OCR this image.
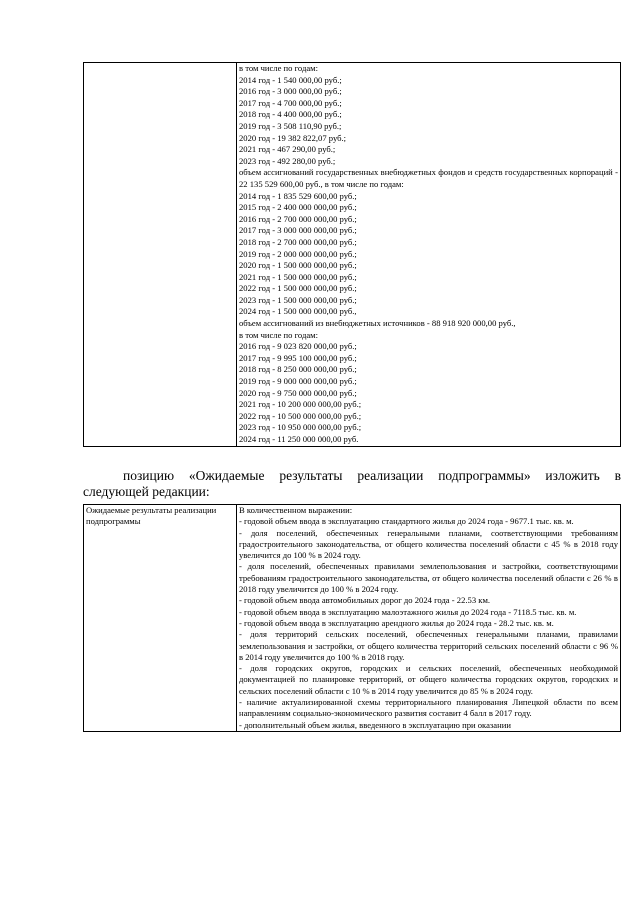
в том числе по годам:
2014 год - 1 540 000,00 руб.;
2016 год - 3 000 000,00 руб.;
2017 год - 4 700 000,00 руб.;
2018 год - 4 400 000,00 руб.;
2019 год - 3 508 110,90 руб.;
2020 год - 19 382 822,07 руб.;
2021 год - 467 290,00 руб.;
2023 год - 492 280,00 руб.;
объем ассигнований государственных внебюджетных фондов и средств государственных корпораций - 22 135 529 600,00 руб., в том числе по годам:
2014 год - 1 835 529 600,00 руб.;
2015 год - 2 400 000 000,00 руб.;
2016 год - 2 700 000 000,00 руб.;
2017 год - 3 000 000 000,00 руб.;
2018 год - 2 700 000 000,00 руб.;
2019 год - 2 000 000 000,00 руб.;
2020 год - 1 500 000 000,00 руб.;
2021 год - 1 500 000 000,00 руб.;
2022 год - 1 500 000 000,00 руб.;
2023 год - 1 500 000 000,00 руб.;
2024 год - 1 500 000 000,00 руб.,
объем ассигнований из внебюджетных источников - 88 918 920 000,00 руб.,
в том числе по годам:
2016 год - 9 023 820 000,00 руб.;
2017 год - 9 995 100 000,00 руб.;
2018 год - 8 250 000 000,00 руб.;
2019 год - 9 000 000 000,00 руб.;
2020 год - 9 750 000 000,00 руб.;
2021 год - 10 200 000 000,00 руб.;
2022 год - 10 500 000 000,00 руб.;
2023 год - 10 950 000 000,00 руб.;
2024 год - 11 250 000 000,00 руб.
позицию «Ожидаемые результаты реализации подпрограммы» изложить в следующей редакции:
Ожидаемые результаты реализации подпрограммы	
В количественном выражении:
- годовой объем ввода в эксплуатацию стандартного жилья до 2024 года - 9677.1 тыс. кв. м.
- доля поселений, обеспеченных генеральными планами, соответствующими требованиям градостроительного законодательства, от общего количества поселений области с 45 % в 2018 году увеличится до 100 % в 2024 году.
- доля поселений, обеспеченных правилами землепользования и застройки, соответствующими требованиям градостроительного законодательства, от общего количества поселений области с 26 % в 2018 году увеличится до 100 % в 2024 году.
- годовой объем ввода автомобильных дорог до 2024 года - 22.53 км.
- годовой объем ввода в эксплуатацию малоэтажного жилья до 2024 года - 7118.5 тыс. кв. м.
- годовой объем ввода в эксплуатацию арендного жилья до 2024 года - 28.2 тыс. кв. м.
- доля территорий сельских поселений, обеспеченных генеральными планами, правилами землепользования и застройки, от общего количества территорий сельских поселений области с 96 % в 2014 году увеличится до 100 % в 2018 году.
- доля городских округов, городских и сельских поселений, обеспеченных необходимой документацией по планировке территорий, от общего количества городских округов, городских и сельских поселений области с 10 % в 2014 году увеличится до 85 % в 2024 году.
- наличие актуализированной схемы территориального планирования Липецкой области по всем направлениям социально-экономического развития составит 4 балл в 2017 году.
- дополнительный объем жилья, введенного в эксплуатацию при оказании
